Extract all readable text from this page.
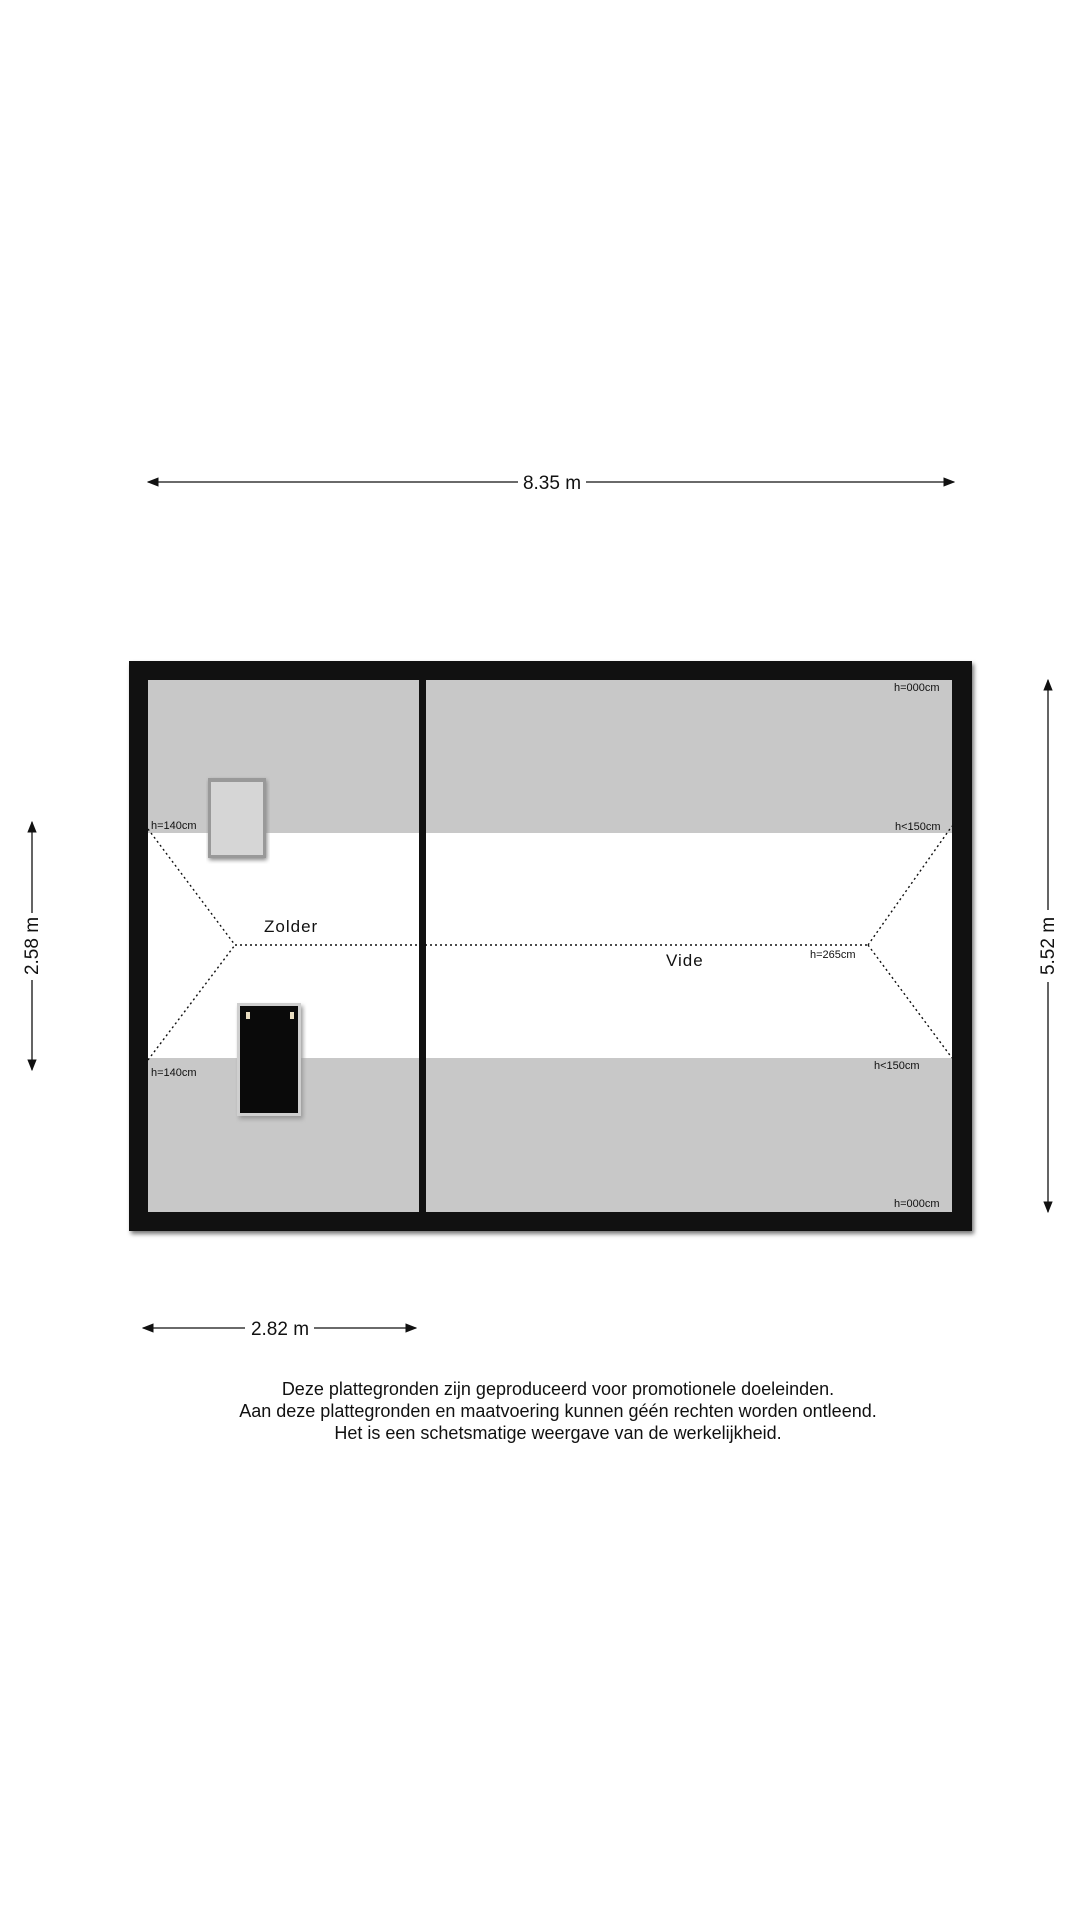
8.35 m
Zolder
Vide
h=000cm
h=140cm	h<150cm
h=265cm
h=140cm
h<150cm
h=000cm
2.58 m	5.52 m
2.82 m
Deze plattegronden zijn geproduceerd voor promotionele doeleinden.
Aan deze plattegronden en maatvoering kunnen géén rechten worden ontleend.
Het is een schetsmatige weergave van de werkelijkheid.
